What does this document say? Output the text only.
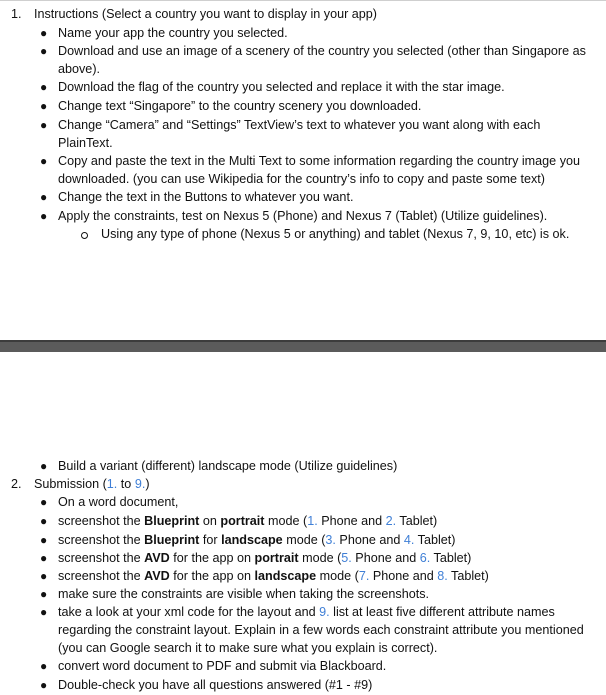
1. Instructions (Select a country you want to display in your app)
● Name your app the country you selected.
● Download and use an image of a scenery of the country you selected (other than Singapore as
above).
● Download the flag of the country you selected and replace it with the star image.
● Change text “Singapore” to the country scenery you downloaded.
● Change “Camera” and “Settings” TextView’s text to whatever you want along with each
PlainText.
● Copy and paste the text in the Multi Text to some information regarding the country image you
downloaded. (you can use Wikipedia for the country’s info to copy and paste some text)
● Change the text in the Buttons to whatever you want.
● Apply the constraints, test on Nexus 5 (Phone) and Nexus 7 (Tablet) (Utilize guidelines).
Using any type of phone (Nexus 5 or anything) and tablet (Nexus 7, 9, 10, etc) is ok.
● Build a variant (different) landscape mode (Utilize guidelines)
2. Submission (1. to 9.)
● On a word document,
● screenshot the Blueprint on portrait mode (1. Phone and 2. Tablet)
● screenshot the Blueprint for landscape mode (3. Phone and 4. Tablet)
● screenshot the AVD for the app on portrait mode (5. Phone and 6. Tablet)
● screenshot the AVD for the app on landscape mode (7. Phone and 8. Tablet)
● make sure the constraints are visible when taking the screenshots.
● take a look at your xml code for the layout and 9. list at least five different attribute names
regarding the constraint layout. Explain in a few words each constraint attribute you mentioned
(you can Google search it to make sure what you explain is correct).
● convert word document to PDF and submit via Blackboard.
● Double-check you have all questions answered (#1 - #9)
